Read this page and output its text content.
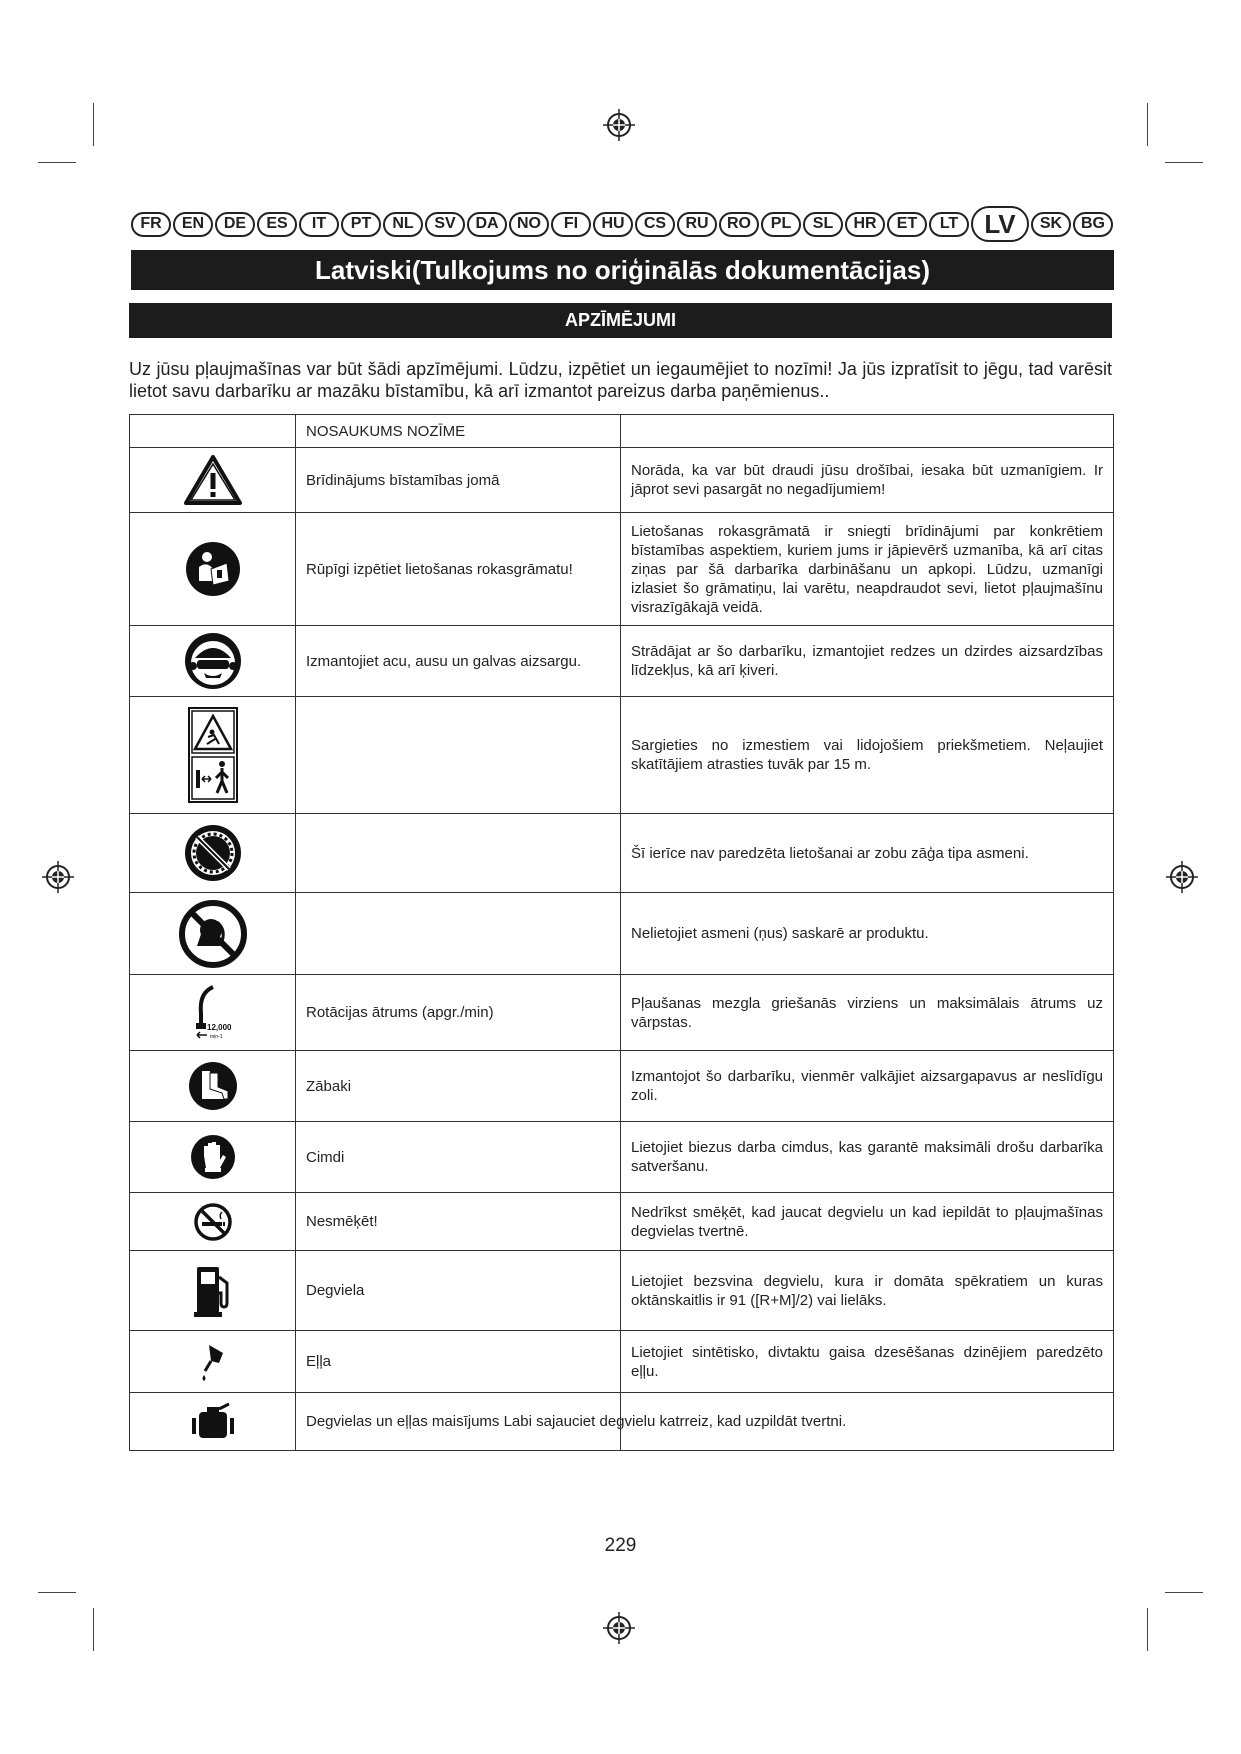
FR	EN	DE	ES	IT	PT	NL	SV	DA	NO	FI	HU	CS	RU	RO	PL	SL	HR	ET	LT	LV	SK	BG
Latviski(Tulkojums no oriģinālās dokumentācijas)
APZĪMĒJUMI
Uz jūsu pļaujmašīnas var būt šādi apzīmējumi. Lūdzu, izpētiet un iegaumējiet to nozīmi! Ja jūs izpratīsit to jēgu, tad varēsit lietot savu darbarīku ar mazāku bīstamību, kā arī izmantot pareizus darba paņēmienus..
	NOSAUKUMS NOZĪME	

	Brīdinājums bīstamības jomā	Norāda, ka var būt draudi jūsu drošībai, iesaka būt uzmanīgiem. Ir jāprot sevi pasargāt no negadījumiem!

	Rūpīgi izpētiet lietošanas rokasgrāmatu!	Lietošanas rokasgrāmatā ir sniegti brīdinājumi par konkrētiem bīstamības aspektiem, kuriem jums ir jāpievērš uzmanība, kā arī citas ziņas par šā darbarīka darbināšanu un apkopi. Lūdzu, uzmanīgi izlasiet šo grāmatiņu, lai varētu, neapdraudot sevi, lietot pļaujmašīnu visrazīgākajā veidā.

	Izmantojiet acu, ausu un galvas aizsargu.	Strādājat ar šo darbarīku, izmantojiet redzes un dzirdes aizsardzības līdzekļus, kā arī ķiveri.

		Sargieties no izmestiem vai lidojošiem priekšmetiem. Neļaujiet skatītājiem atrasties tuvāk par 15 m.

		Šī ierīce nav paredzēta lietošanai ar zobu zāģa tipa asmeni.

		Nelietojiet asmeni (ņus) saskarē ar produktu.

12,000
min-1	Rotācijas ātrums (apgr./min)	Pļaušanas mezgla griešanās virziens un maksimālais ātrums uz vārpstas.

	Zābaki	Izmantojot šo darbarīku, vienmēr valkājiet aizsargapavus ar neslīdīgu zoli.

	Cimdi	Lietojiet biezus darba cimdus, kas garantē maksimāli drošu darbarīka satveršanu.

	Nesmēķēt!	Nedrīkst smēķēt, kad jaucat degvielu un kad iepildāt to pļaujmašīnas degvielas tvertnē.

	Degviela	Lietojiet bezsvina degvielu, kura ir domāta spēkratiem un kuras oktānskaitlis ir 91 ([R+M]/2) vai lielāks.

	Eļļa	Lietojiet sintētisko, divtaktu gaisa dzesēšanas dzinējiem paredzēto eļļu.

	Degvielas un eļļas maisījums Labi sajauciet degvielu katrreiz, kad uzpildāt tvertni.	
229
